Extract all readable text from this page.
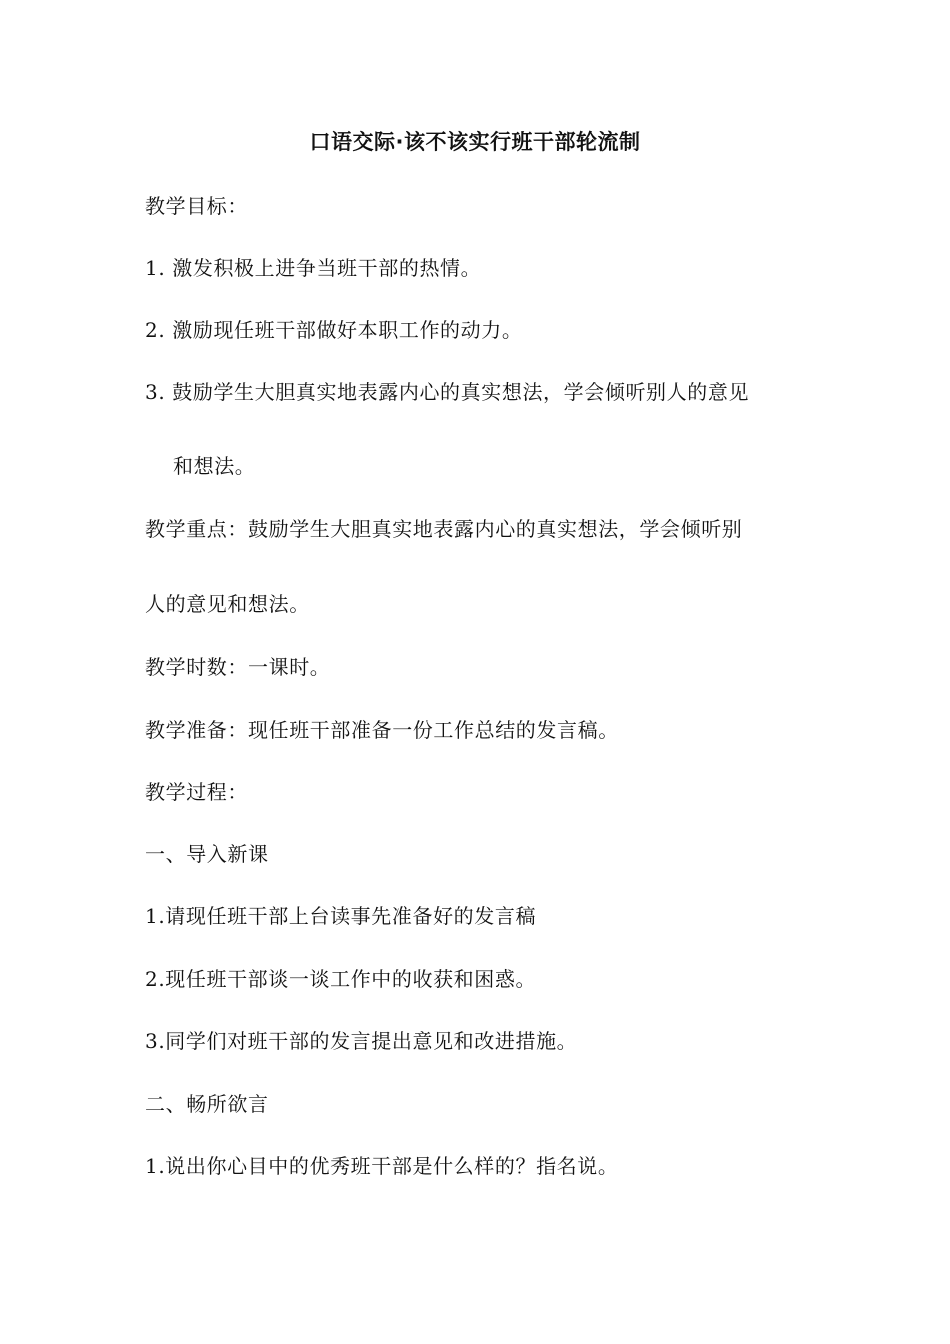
口语交际·该不该实行班干部轮流制
教学目标：
1. 激发积极上进争当班干部的热情。
2. 激励现任班干部做好本职工作的动力。
3. 鼓励学生大胆真实地表露内心的真实想法，学会倾听别人的意见
和想法。
教学重点：鼓励学生大胆真实地表露内心的真实想法，学会倾听别
人的意见和想法。
教学时数：一课时。
教学准备：现任班干部准备一份工作总结的发言稿。
教学过程：
一、导入新课
1.请现任班干部上台读事先准备好的发言稿
2.现任班干部谈一谈工作中的收获和困惑。
3.同学们对班干部的发言提出意见和改进措施。
二、畅所欲言
1.说出你心目中的优秀班干部是什么样的？指名说。
